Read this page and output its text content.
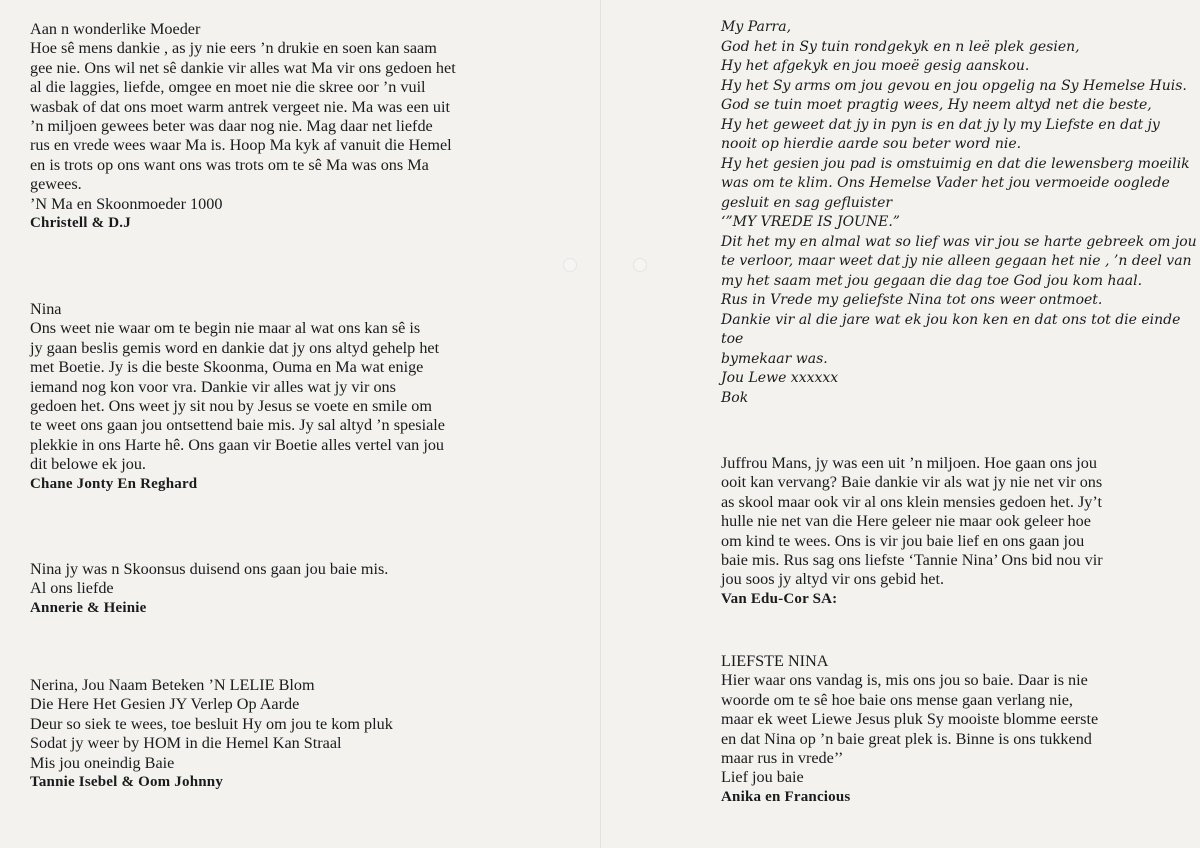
Aan n wonderlike Moeder
Hoe sê mens dankie , as jy nie eers ’n drukie en soen kan saam
gee nie. Ons wil net sê dankie vir alles wat Ma vir ons gedoen het
al die laggies, liefde, omgee en moet nie die skree oor ’n vuil
wasbak of dat ons moet warm antrek vergeet nie. Ma was een uit
’n miljoen gewees beter was daar nog nie. Mag daar net liefde
rus en vrede wees waar Ma is. Hoop Ma kyk af vanuit die Hemel
en is trots op ons want ons was trots om te sê Ma was ons Ma
gewees.
’N Ma en Skoonmoeder 1000
Christell & D.J
Nina
Ons weet nie waar om te begin nie maar al wat ons kan sê is
jy gaan beslis gemis word en dankie dat jy ons altyd gehelp het
met Boetie. Jy is die beste Skoonma, Ouma en Ma wat enige
iemand nog kon voor vra. Dankie vir alles wat jy vir ons
gedoen het. Ons weet jy sit nou by Jesus se voete en smile om
te weet ons gaan jou ontsettend baie mis. Jy sal altyd ’n spesiale
plekkie in ons Harte hê. Ons gaan vir Boetie alles vertel van jou
dit belowe ek jou.
Chane Jonty En Reghard
Nina jy was n Skoonsus duisend ons gaan jou baie mis.
Al ons liefde
Annerie & Heinie
Nerina, Jou Naam Beteken ’N LELIE Blom
Die Here Het Gesien JY Verlep Op Aarde
Deur so siek te wees, toe besluit Hy om jou te kom pluk
Sodat jy weer by HOM in die Hemel Kan Straal
Mis jou oneindig Baie
Tannie Isebel & Oom Johnny
My Parra,
God het in Sy tuin rondgekyk en n leë plek gesien,
Hy het afgekyk en jou moeë gesig aanskou.
Hy het Sy arms om jou gevou en jou opgelig na Sy Hemelse Huis.
God se tuin moet pragtig wees, Hy neem altyd net die beste,
Hy het geweet dat jy in pyn is en dat jy ly my Liefste en dat jy
nooit op hierdie aarde sou beter word nie.
Hy het gesien jou pad is omstuimig en dat die lewensberg moeilik
was om te klim. Ons Hemelse Vader het jou vermoeide ooglede
gesluit en sag gefluister
‘”MY VREDE IS JOUNE.”
Dit het my en almal wat so lief was vir jou se harte gebreek om jou
te verloor, maar weet dat jy nie alleen gegaan het nie , ’n deel van
my het saam met jou gegaan die dag toe God jou kom haal.
Rus in Vrede my geliefste Nina tot ons weer ontmoet.
Dankie vir al die jare wat ek jou kon ken en dat ons tot die einde
toe
bymekaar was.
Jou Lewe xxxxxx
Bok
Juffrou Mans, jy was een uit ’n miljoen. Hoe gaan ons jou
ooit kan vervang? Baie dankie vir als wat jy nie net vir ons
as skool maar ook vir al ons klein mensies gedoen het. Jy’t
hulle nie net van die Here geleer nie maar ook geleer hoe
om kind te wees. Ons is vir jou baie lief en ons gaan jou
baie mis. Rus sag ons liefste ‘Tannie Nina’ Ons bid nou vir
jou soos jy altyd vir ons gebid het.
Van Edu-Cor SA:
LIEFSTE NINA
Hier waar ons vandag is, mis ons jou so baie. Daar is nie
woorde om te sê hoe baie ons mense gaan verlang nie,
maar ek weet Liewe Jesus pluk Sy mooiste blomme eerste
en dat Nina op ’n baie great plek is. Binne is ons tukkend
maar rus in vrede’’
Lief jou baie
Anika en Francious
